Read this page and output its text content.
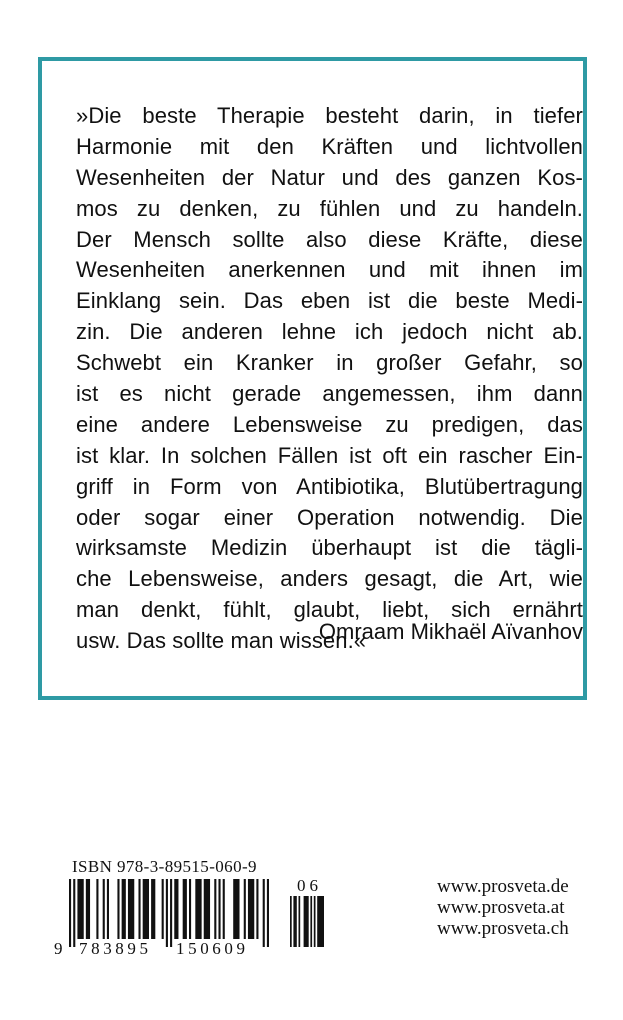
»Die beste Therapie besteht darin, in tiefer
Harmonie mit den Kräften und lichtvollen
Wesenheiten der Natur und des ganzen Kos-
mos zu denken, zu fühlen und zu handeln.
Der Mensch sollte also diese Kräfte, diese
Wesenheiten anerkennen und mit ihnen im
Einklang sein. Das eben ist die beste Medi-
zin. Die anderen lehne ich jedoch nicht ab.
Schwebt ein Kranker in großer Gefahr, so
ist es nicht gerade angemessen, ihm dann
eine andere Lebensweise zu predigen, das
ist klar. In solchen Fällen ist oft ein rascher Ein-
griff in Form von Antibiotika, Blutübertragung
oder sogar einer Operation notwendig. Die
wirksamste Medizin überhaupt ist die tägli-
che Lebensweise, anders gesagt, die Art, wie
man denkt, fühlt, glaubt, liebt, sich ernährt
usw. Das sollte man wissen.«
Omraam Mikhaël Aïvanhov
ISBN 978-3-89515-060-9
06
9 783895 150609
www.prosveta.de
www.prosveta.at
www.prosveta.ch
